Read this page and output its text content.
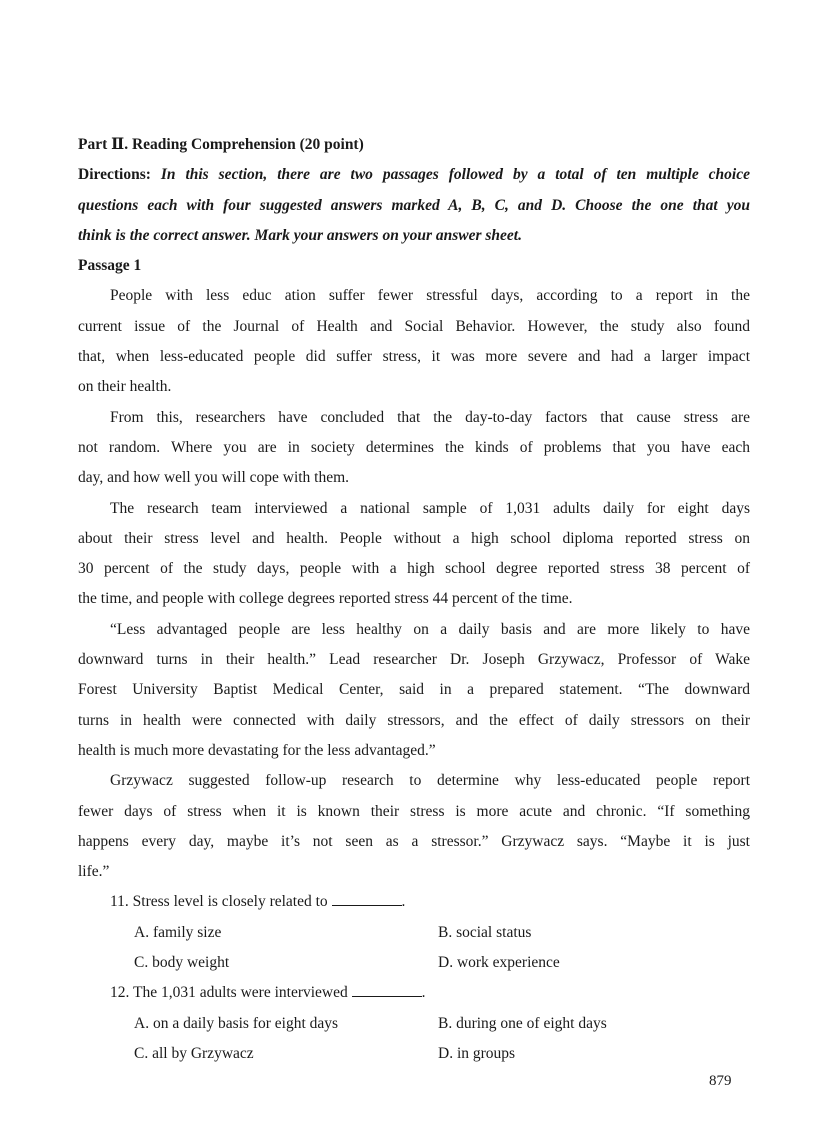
Part Ⅱ. Reading Comprehension (20 point)
Directions: In this section, there are two passages followed by a total of ten multiple choice
questions each with four suggested answers marked A, B, C, and D. Choose the one that you
think is the correct answer. Mark your answers on your answer sheet.
Passage 1
People with less educ ation suffer fewer stressful days, according to a report in the
current issue of the Journal of Health and Social Behavior. However, the study also found
that, when less-educated people did suffer stress, it was more severe and had a larger impact
on their health.
From this, researchers have concluded that the day-to-day factors that cause stress are
not random. Where you are in society determines the kinds of problems that you have each
day, and how well you will cope with them.
The research team interviewed a national sample of 1,031 adults daily for eight days
about their stress level and health. People without a high school diploma reported stress on
30 percent of the study days, people with a high school degree reported stress 38 percent of
the time, and people with college degrees reported stress 44 percent of the time.
“Less advantaged people are less healthy on a daily basis and are more likely to have
downward turns in their health.” Lead researcher Dr. Joseph Grzywacz, Professor of Wake
Forest University Baptist Medical Center, said in a prepared statement. “The downward
turns in health were connected with daily stressors, and the effect of daily stressors on their
health is much more devastating for the less advantaged.”
Grzywacz suggested follow-up research to determine why less-educated people report
fewer days of stress when it is known their stress is more acute and chronic. “If something
happens every day, maybe it’s not seen as a stressor.” Grzywacz says. “Maybe it is just
life.”
11. Stress level is closely related to	.
A. family size	B. social status
C. body weight	D. work experience
12. The 1,031 adults were interviewed	.
A. on a daily basis for eight days	B. during one of eight days
C. all by Grzywacz	D. in groups
879
